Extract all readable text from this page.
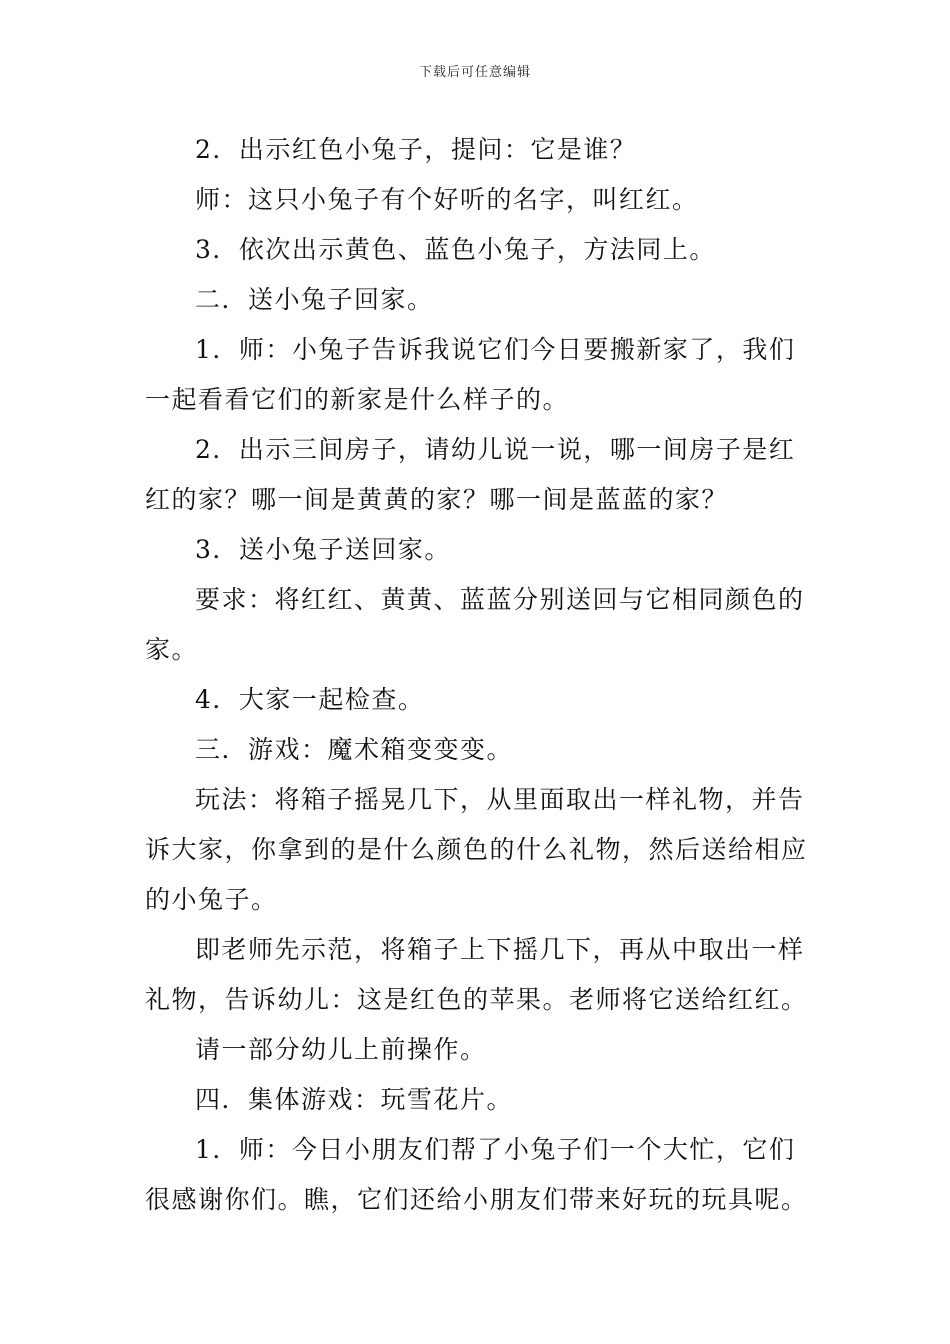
下载后可任意编辑

2．出示红色小兔子，提问：它是谁？

师：这只小兔子有个好听的名字，叫红红。

3．依次出示黄色、蓝色小兔子，方法同上。

二．送小兔子回家。

1．师：小兔子告诉我说它们今日要搬新家了，我们一起看看它们的新家是什么样子的。

2．出示三间房子，请幼儿说一说，哪一间房子是红红的家？哪一间是黄黄的家？哪一间是蓝蓝的家？

3．送小兔子送回家。

要求：将红红、黄黄、蓝蓝分别送回与它相同颜色的家。

4．大家一起检查。

三．游戏：魔术箱变变变。

玩法：将箱子摇晃几下，从里面取出一样礼物，并告诉大家，你拿到的是什么颜色的什么礼物，然后送给相应的小兔子。

即老师先示范，将箱子上下摇几下，再从中取出一样礼物，告诉幼儿：这是红色的苹果。老师将它送给红红。

请一部分幼儿上前操作。

四．集体游戏：玩雪花片。

1．师：今日小朋友们帮了小兔子们一个大忙，它们很感谢你们。瞧，它们还给小朋友们带来好玩的玩具呢。
